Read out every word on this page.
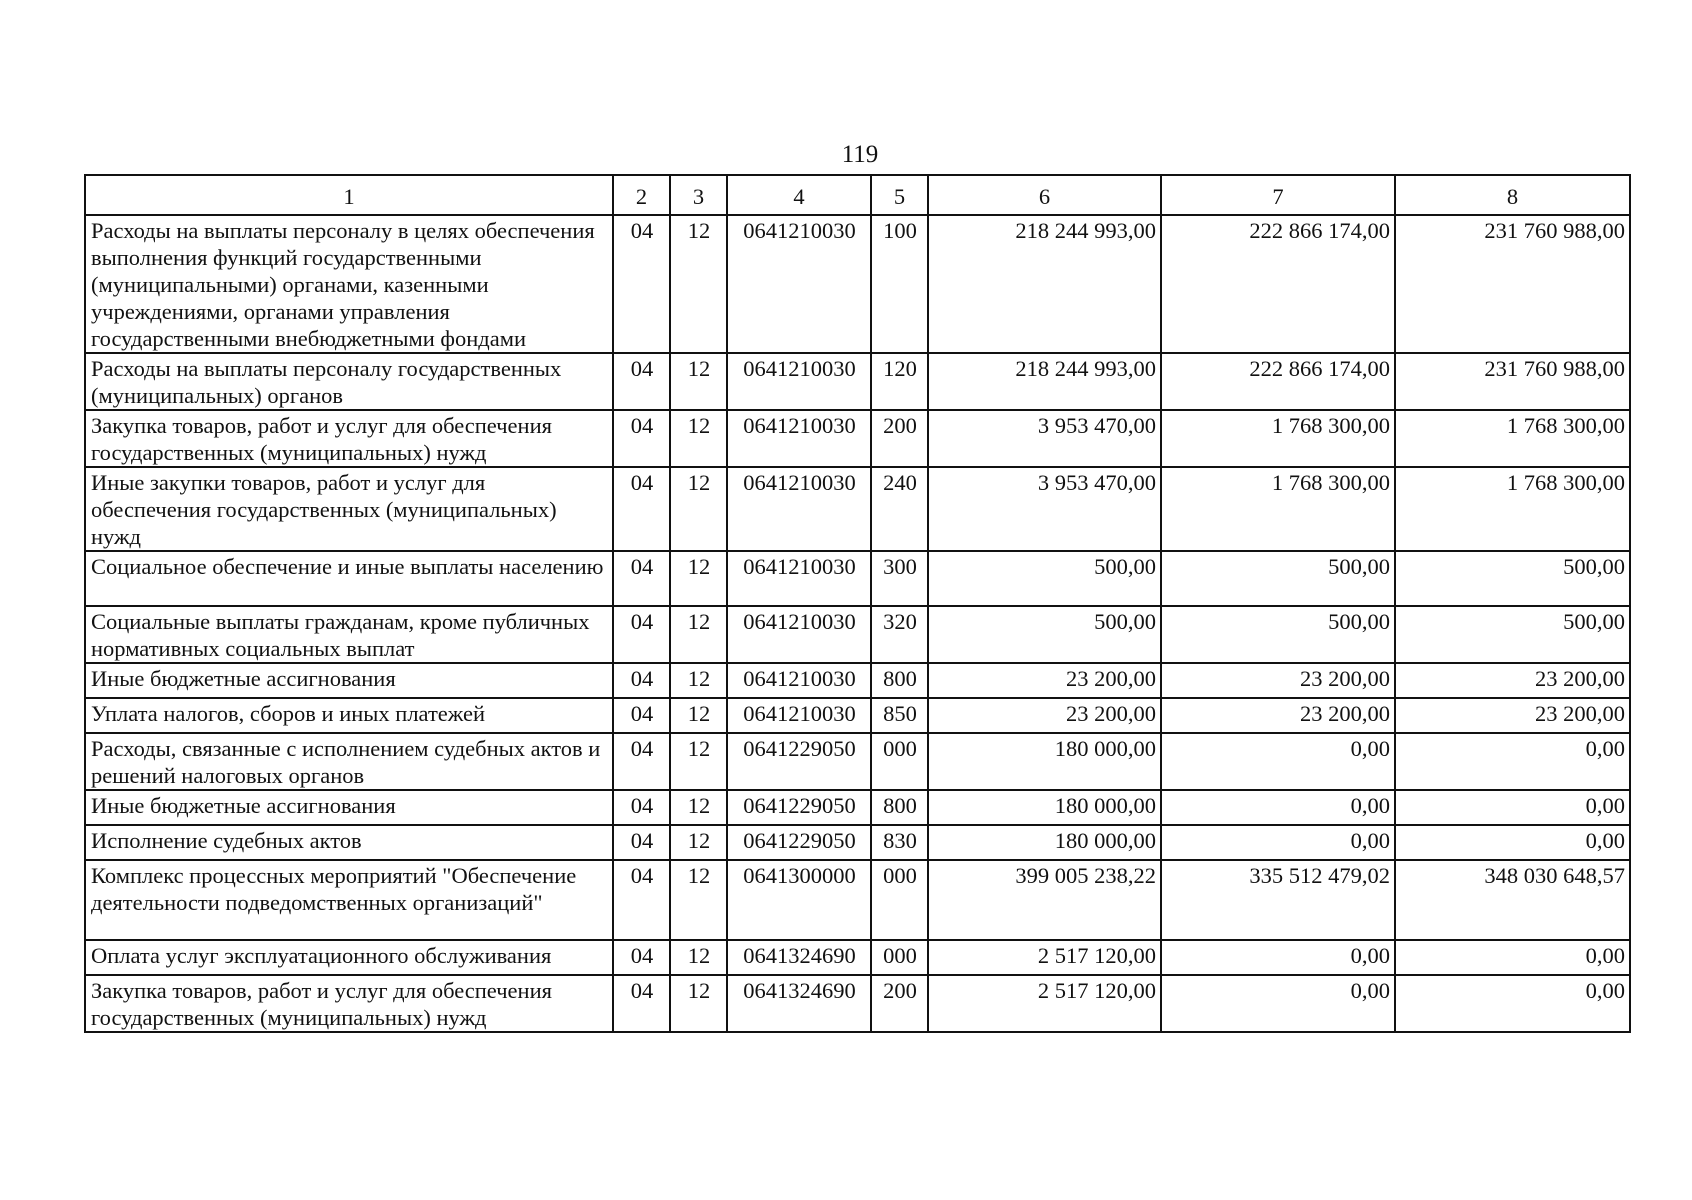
119
1	2	3	4	5	6	7	8
Расходы на выплаты персоналу в целях обеспечения выполнения функций государственными (муниципальными) органами, казенными учреждениями, органами управления государственными внебюджетными фондами	04	12	0641210030	100	218 244 993,00	222 866 174,00	231 760 988,00
Расходы на выплаты персоналу государственных (муниципальных) органов	04	12	0641210030	120	218 244 993,00	222 866 174,00	231 760 988,00
Закупка товаров, работ и услуг для обеспечения государственных (муниципальных) нужд	04	12	0641210030	200	3 953 470,00	1 768 300,00	1 768 300,00
Иные закупки товаров, работ и услуг для обеспечения государственных (муниципальных) нужд	04	12	0641210030	240	3 953 470,00	1 768 300,00	1 768 300,00
Социальное обеспечение и иные выплаты населению	04	12	0641210030	300	500,00	500,00	500,00
Социальные выплаты гражданам, кроме публичных нормативных социальных выплат	04	12	0641210030	320	500,00	500,00	500,00
Иные бюджетные ассигнования	04	12	0641210030	800	23 200,00	23 200,00	23 200,00
Уплата налогов, сборов и иных платежей	04	12	0641210030	850	23 200,00	23 200,00	23 200,00
Расходы, связанные с исполнением судебных актов и решений налоговых органов	04	12	0641229050	000	180 000,00	0,00	0,00
Иные бюджетные ассигнования	04	12	0641229050	800	180 000,00	0,00	0,00
Исполнение судебных актов	04	12	0641229050	830	180 000,00	0,00	0,00
Комплекс процессных мероприятий "Обеспечение деятельности подведомственных организаций"	04	12	0641300000	000	399 005 238,22	335 512 479,02	348 030 648,57
Оплата услуг эксплуатационного обслуживания	04	12	0641324690	000	2 517 120,00	0,00	0,00
Закупка товаров, работ и услуг для обеспечения государственных (муниципальных) нужд	04	12	0641324690	200	2 517 120,00	0,00	0,00
